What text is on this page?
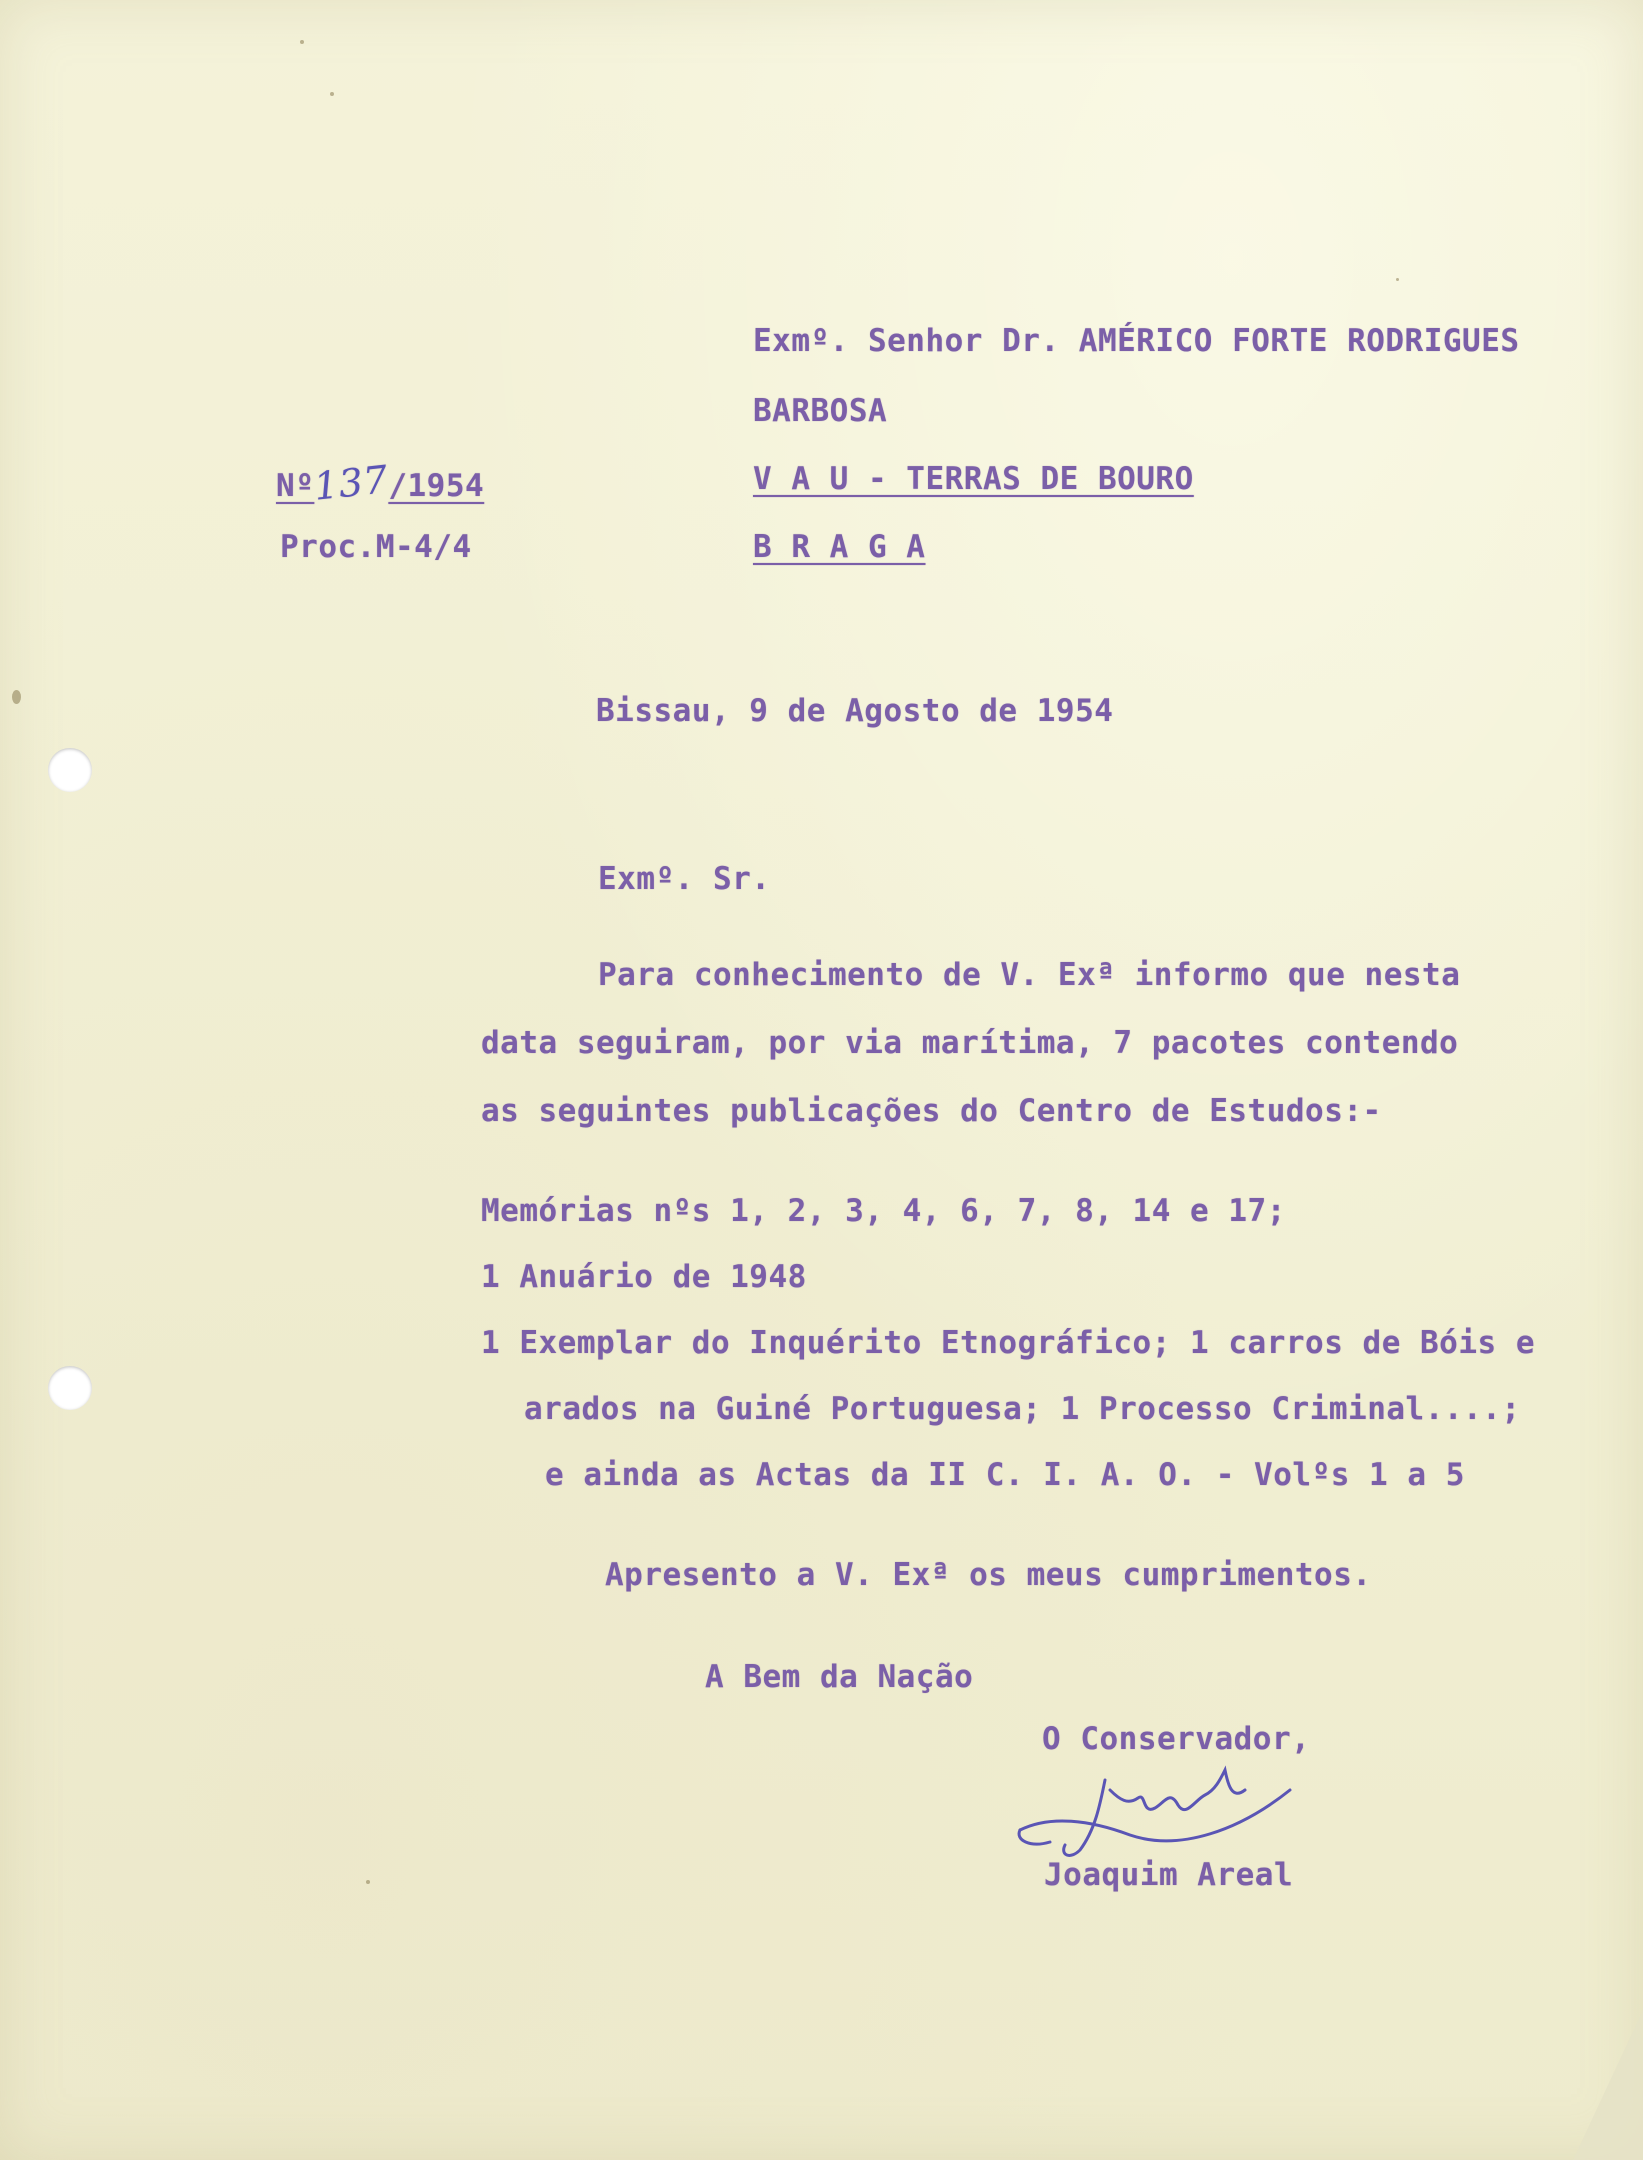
Exmº. Senhor Dr. AMÉRICO FORTE RODRIGUES
BARBOSA
V A U - TERRAS DE BOURO
B R A G A
Nº137/1954
Proc.M-4/4
Bissau, 9 de Agosto de 1954
Exmº. Sr.
Para conhecimento de V. Exª informo que nesta
data seguiram, por via marítima, 7 pacotes contendo
as seguintes publicações do Centro de Estudos:-
Memórias nºs 1, 2, 3, 4, 6, 7, 8, 14 e 17;
1 Anuário de 1948
1 Exemplar do Inquérito Etnográfico; 1 carros de Bóis e
arados na Guiné Portuguesa; 1 Processo Criminal....;
e ainda as Actas da II C. I. A. O. - Volºs 1 a 5
Apresento a V. Exª os meus cumprimentos.
A Bem da Nação
O Conservador,
Joaquim Areal
